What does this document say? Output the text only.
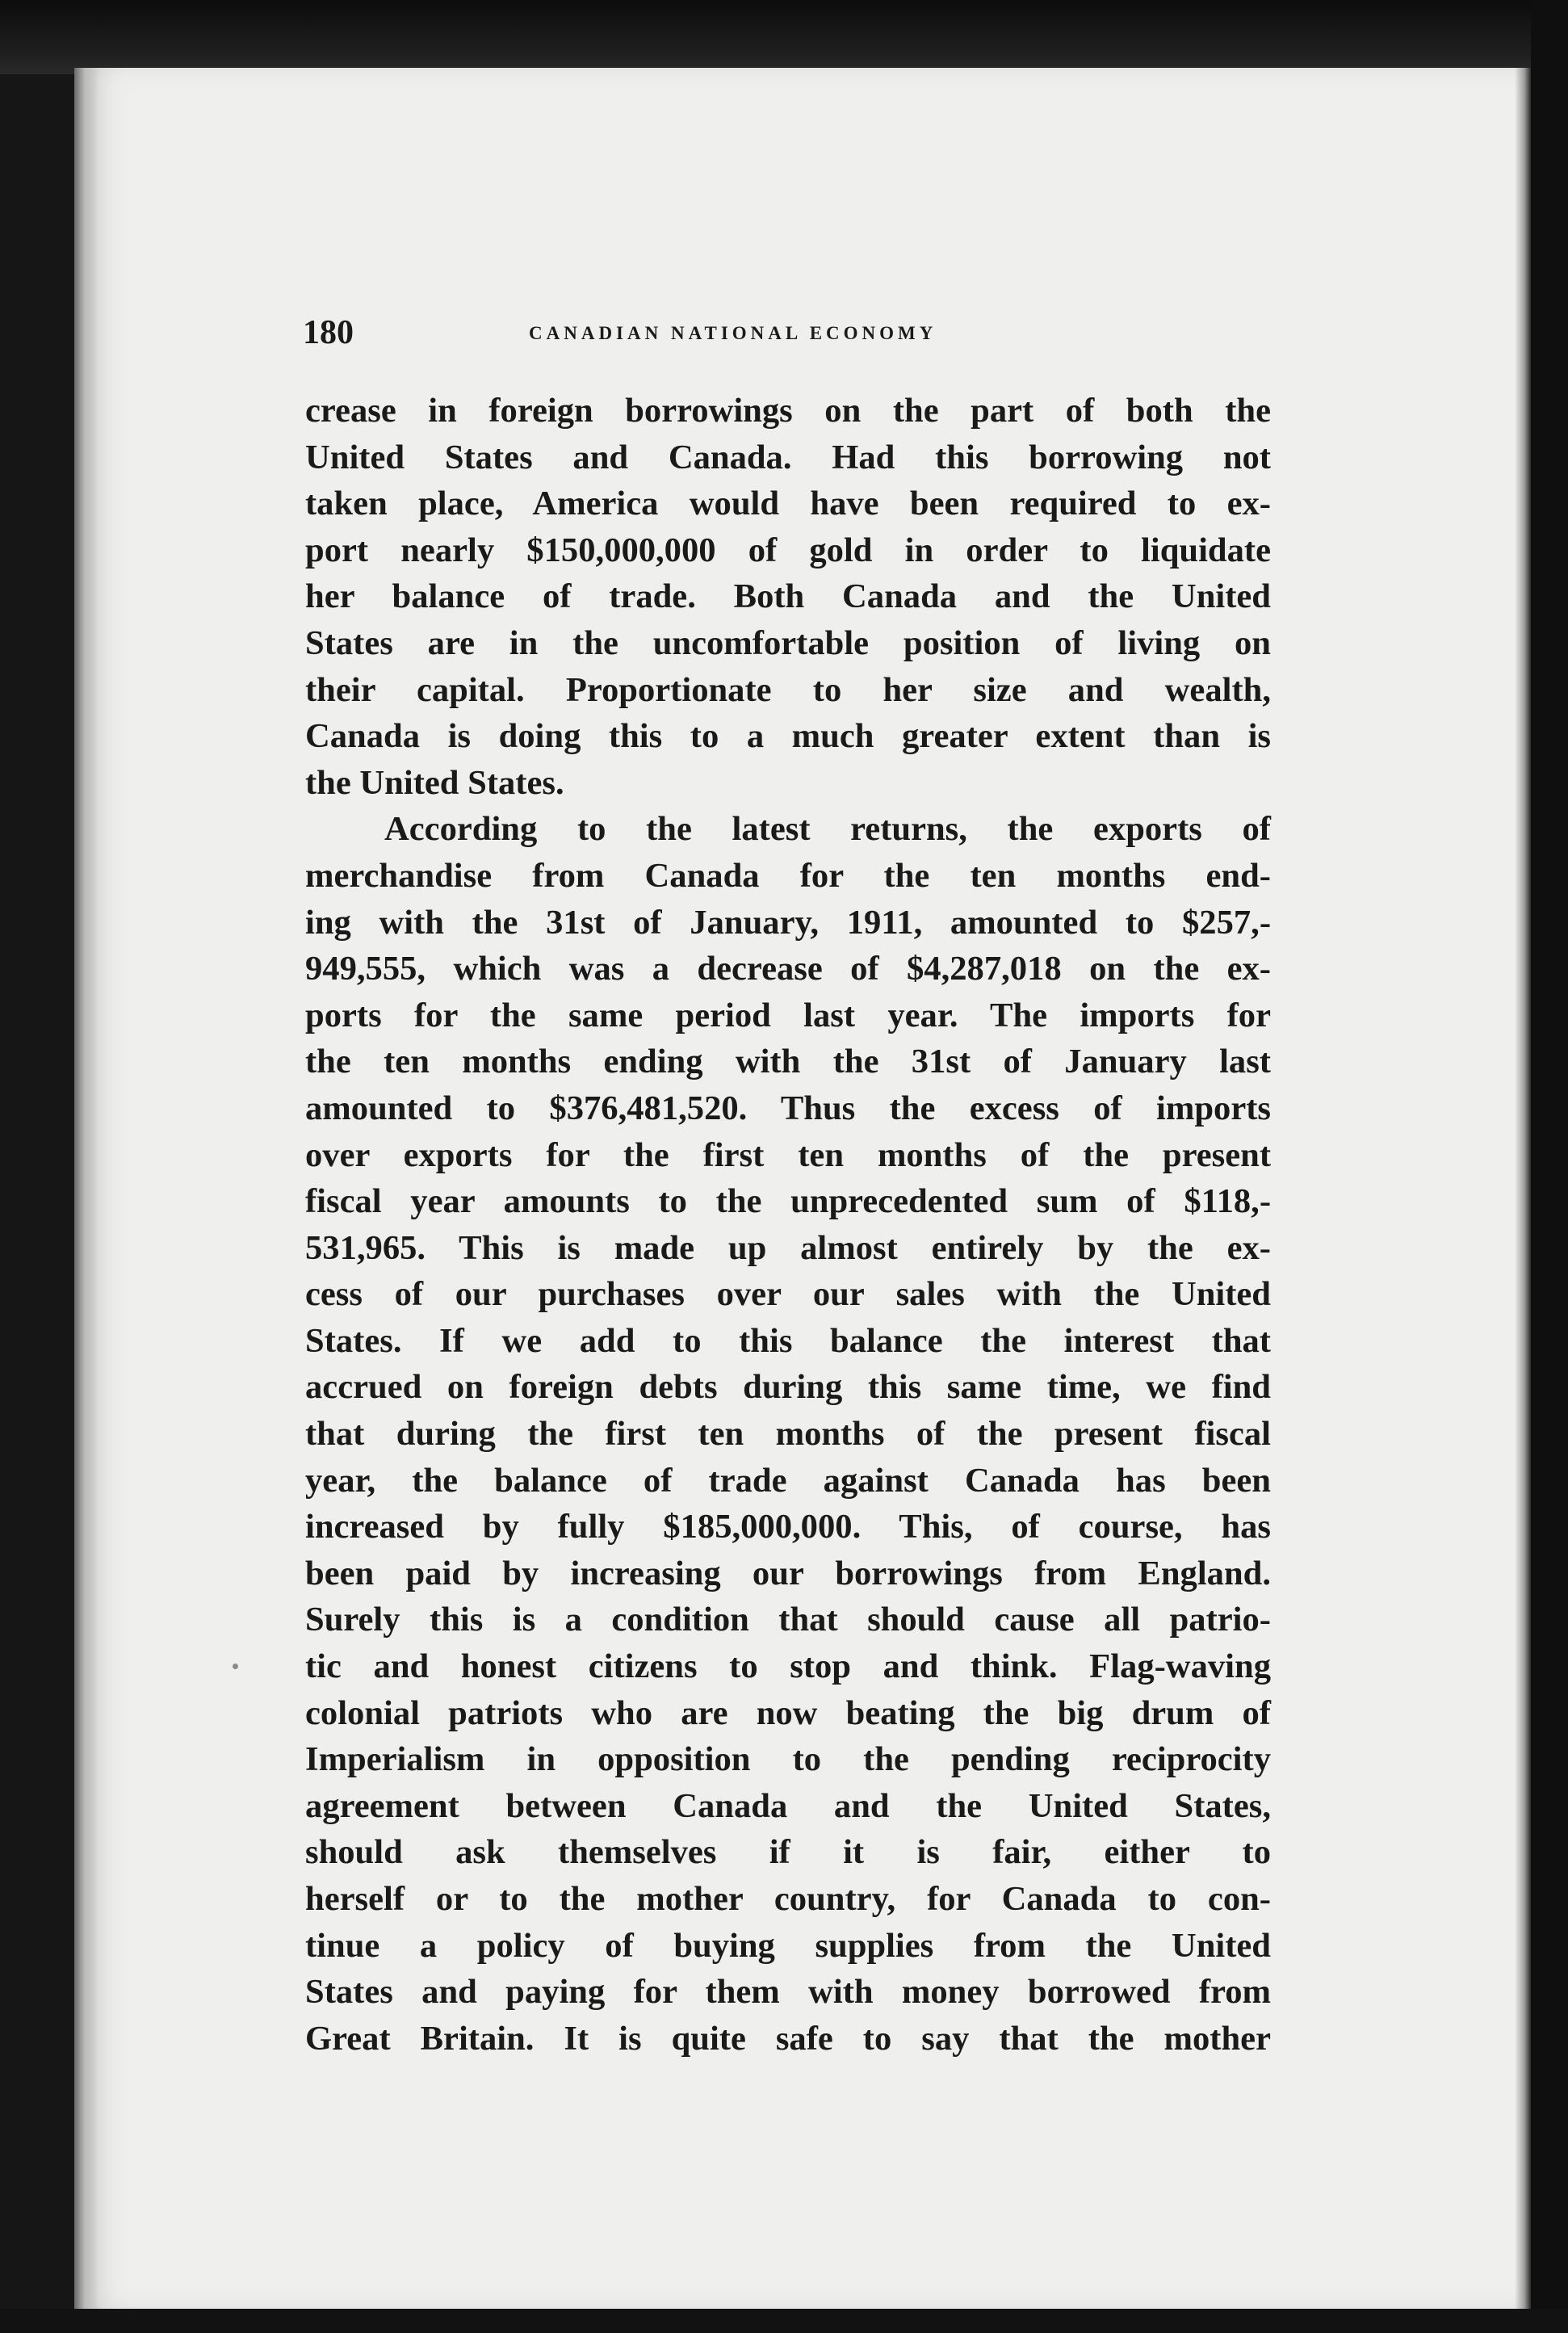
180	CANADIAN NATIONAL ECONOMY
crease in foreign borrowings on the part of both the
United States and Canada. Had this borrowing not
taken place, America would have been required to ex-
port nearly $150,000,000 of gold in order to liquidate
her balance of trade. Both Canada and the United
States are in the uncomfortable position of living on
their capital. Proportionate to her size and wealth,
Canada is doing this to a much greater extent than is
the United States.
According to the latest returns, the exports of
merchandise from Canada for the ten months end-
ing with the 31st of January, 1911, amounted to $257,-
949,555, which was a decrease of $4,287,018 on the ex-
ports for the same period last year. The imports for
the ten months ending with the 31st of January last
amounted to $376,481,520. Thus the excess of imports
over exports for the first ten months of the present
fiscal year amounts to the unprecedented sum of $118,-
531,965. This is made up almost entirely by the ex-
cess of our purchases over our sales with the United
States. If we add to this balance the interest that
accrued on foreign debts during this same time, we find
that during the first ten months of the present fiscal
year, the balance of trade against Canada has been
increased by fully $185,000,000. This, of course, has
been paid by increasing our borrowings from England.
Surely this is a condition that should cause all patrio-
tic and honest citizens to stop and think. Flag-waving
colonial patriots who are now beating the big drum of
Imperialism in opposition to the pending reciprocity
agreement between Canada and the United States,
should ask themselves if it is fair, either to
herself or to the mother country, for Canada to con-
tinue a policy of buying supplies from the United
States and paying for them with money borrowed from
Great Britain. It is quite safe to say that the mother
